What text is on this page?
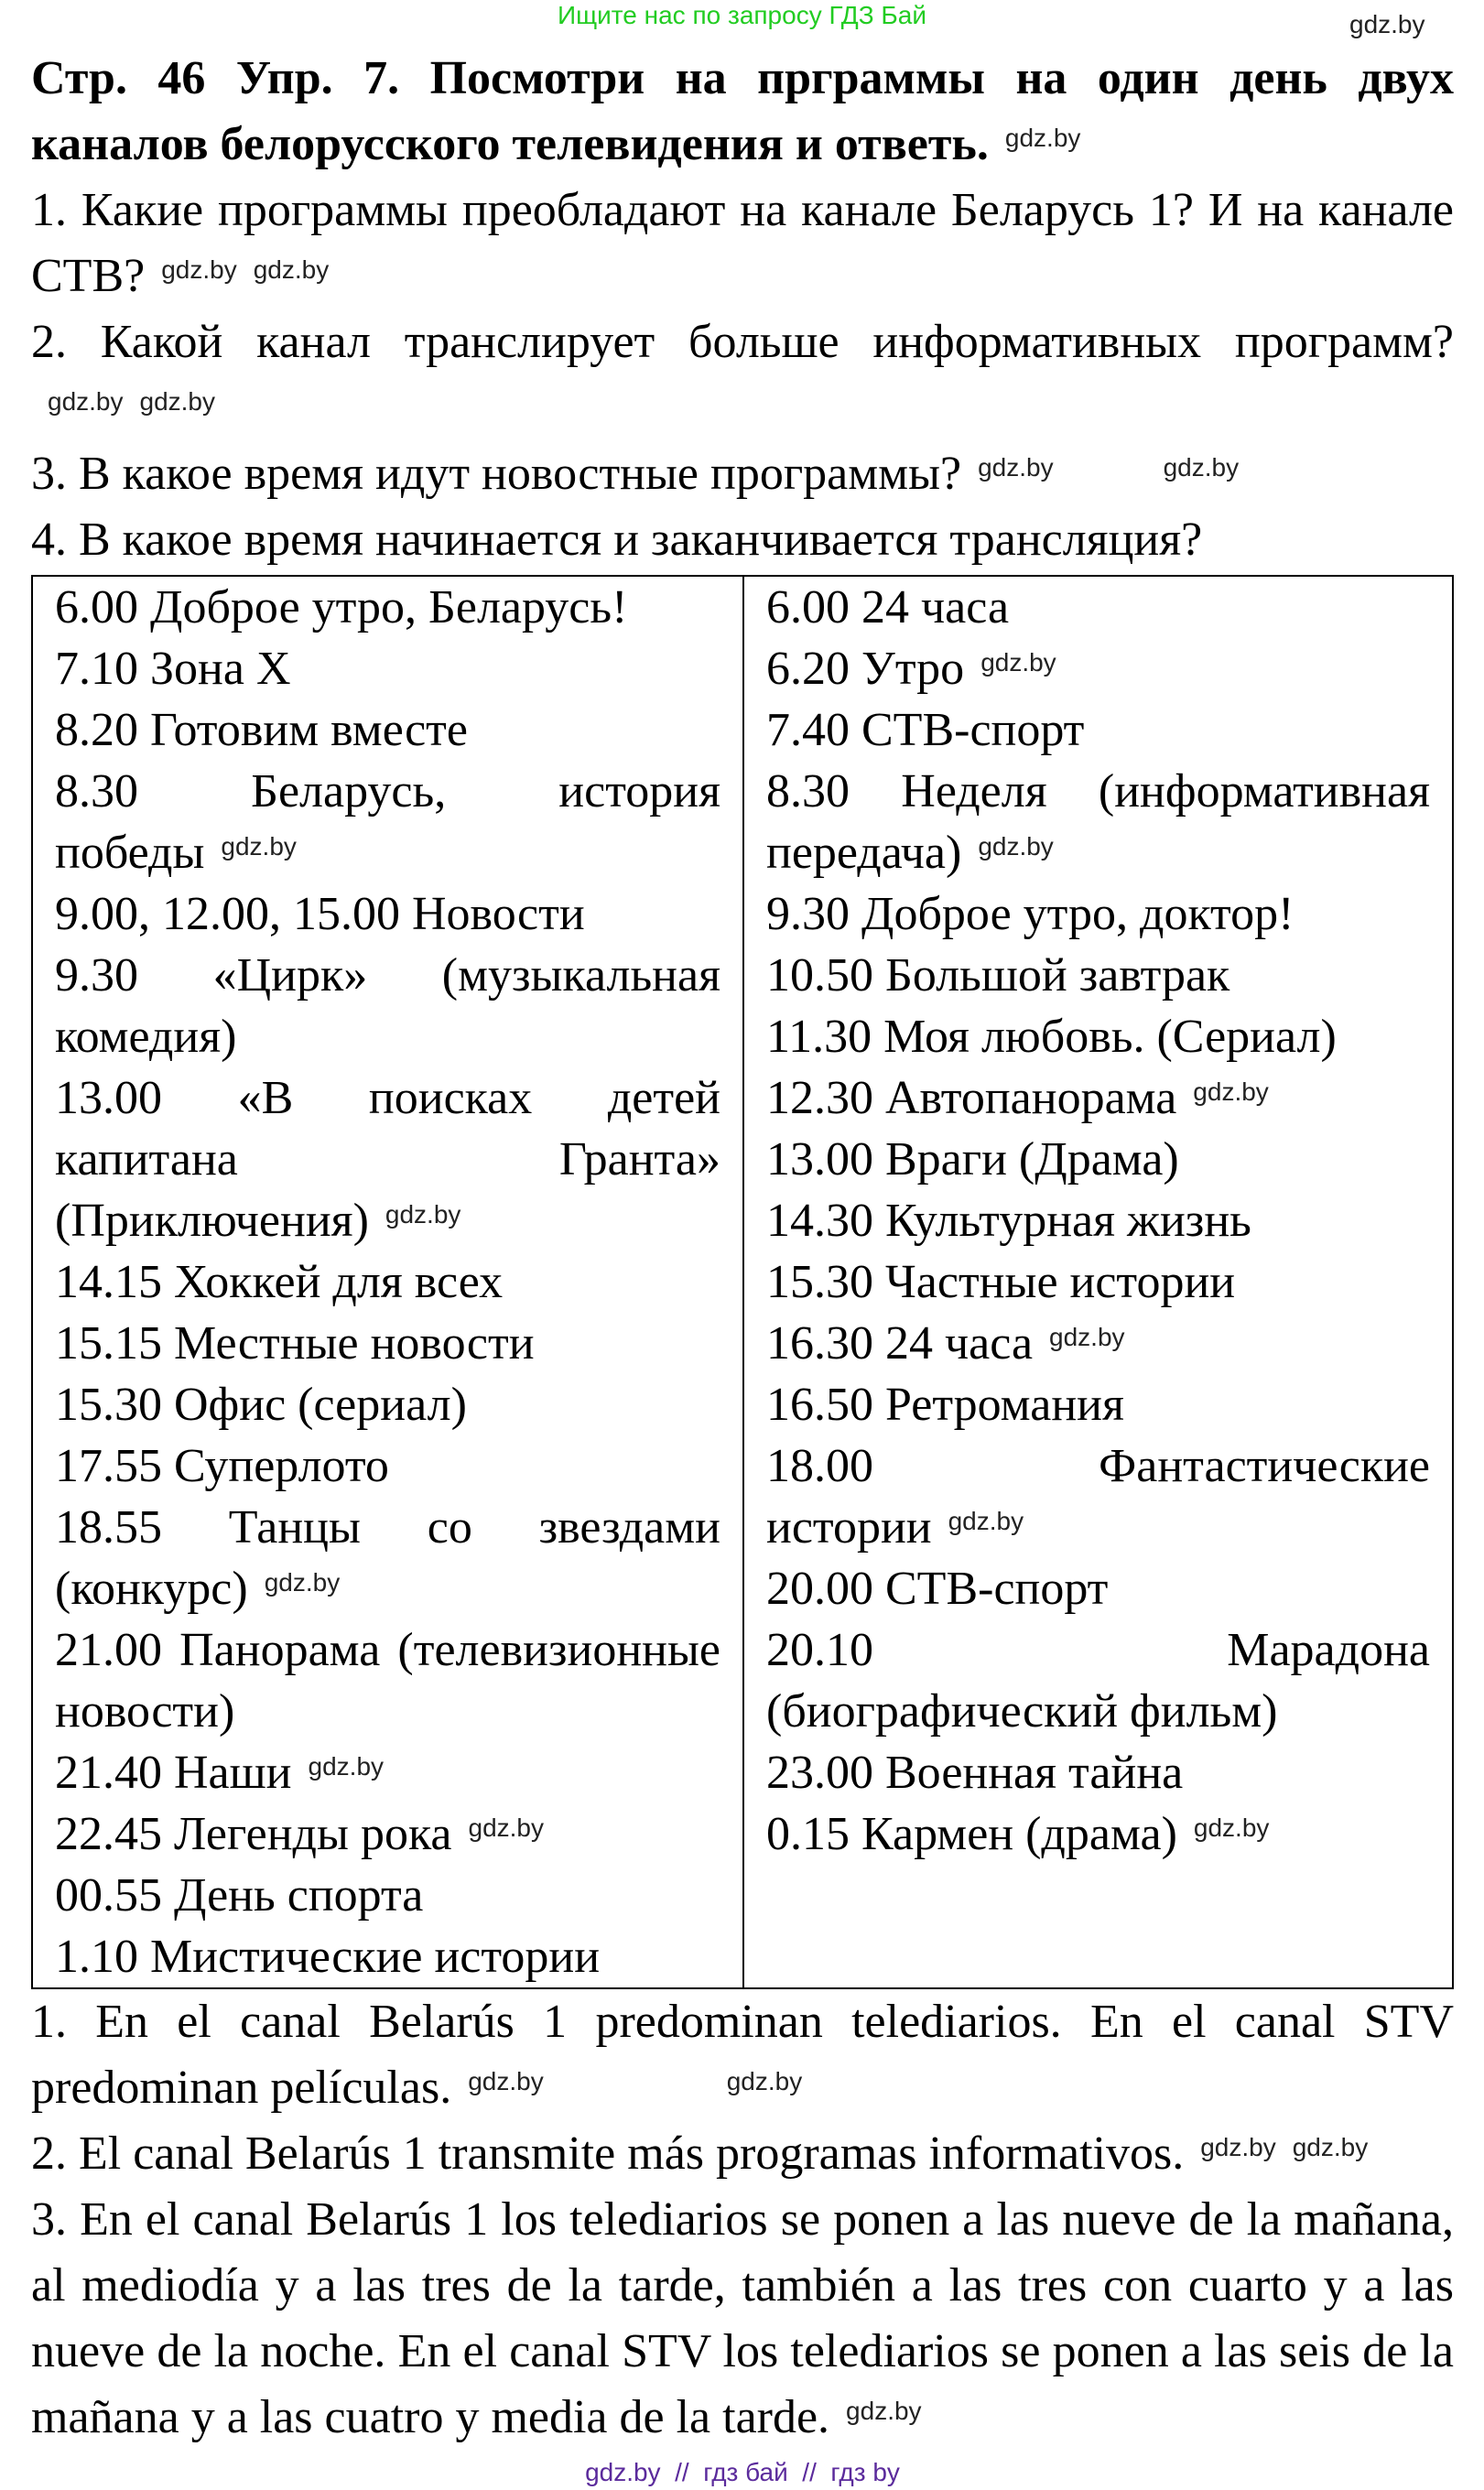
Ищите нас по запросу ГДЗ Бай	gdz.by

Стр. 46 Упр. 7. Посмотри на прграммы на один день двух каналов белорусского телевидения и ответь. $^{gdz.by}$

1. Какие программы преобладают на канале Беларусь 1? И на канале СТВ? $^{gdz.by}$ $^{gdz.by}$

2. Какой канал транслирует больше информативных программ?$^{gdz.by}$ $^{gdz.by}$

3. В какое время идут новостные программы? $^{gdz.by}$	$^{gdz.by}$

4. В какое время начинается и заканчивается трансляция?

6.00 Доброе утро, Беларусь!
7.10 Зона Х
8.20 Готовим вместе
8.30 Беларусь, история победы $^{gdz.by}$
9.00, 12.00, 15.00 Новости
9.30 «Цирк» (музыкальная комедия)
13.00 «В поисках детей капитана Гранта» (Приключения) $^{gdz.by}$
14.15 Хоккей для всех
15.15 Местные новости
15.30 Офис (сериал)
17.55 Суперлото
18.55 Танцы со звездами (конкурс) $^{gdz.by}$
21.00 Панорама (телевизионные новости)
21.40 Наши $^{gdz.by}$
22.45 Легенды рока $^{gdz.by}$
00.55 День спорта
1.10 Мистические истории

6.00 24 часа
6.20 Утро $^{gdz.by}$
7.40 СТВ-спорт
8.30 Неделя (информативная передача) $^{gdz.by}$
9.30 Доброе утро, доктор!
10.50 Большой завтрак
11.30 Моя любовь. (Сериал)
12.30 Автопанорама $^{gdz.by}$
13.00 Враги (Драма)
14.30 Культурная жизнь
15.30 Частные истории
16.30 24 часа $^{gdz.by}$
16.50 Ретромания
18.00 Фантастические истории $^{gdz.by}$
20.00 СТВ-спорт
20.10 Марадона (биографический фильм)
23.00 Военная тайна
0.15 Кармен (драма) $^{gdz.by}$

1. En el canal Belarús 1 predominan telediarios. En el canal STV predominan películas. $^{gdz.by}$	$^{gdz.by}$

2. El canal Belarús 1 transmite más programas informativos. $^{gdz.by}$ $^{gdz.by}$

3. En el canal Belarús 1 los telediarios se ponen a las nueve de la mañana, al mediodía y a las tres de la tarde, también a las tres con cuarto y a las nueve de la noche. En el canal STV los telediarios se ponen a las seis de la mañana y a las cuatro y media de la tarde. $^{gdz.by}$

gdz.by  //  гдз бай  //  гдз by
